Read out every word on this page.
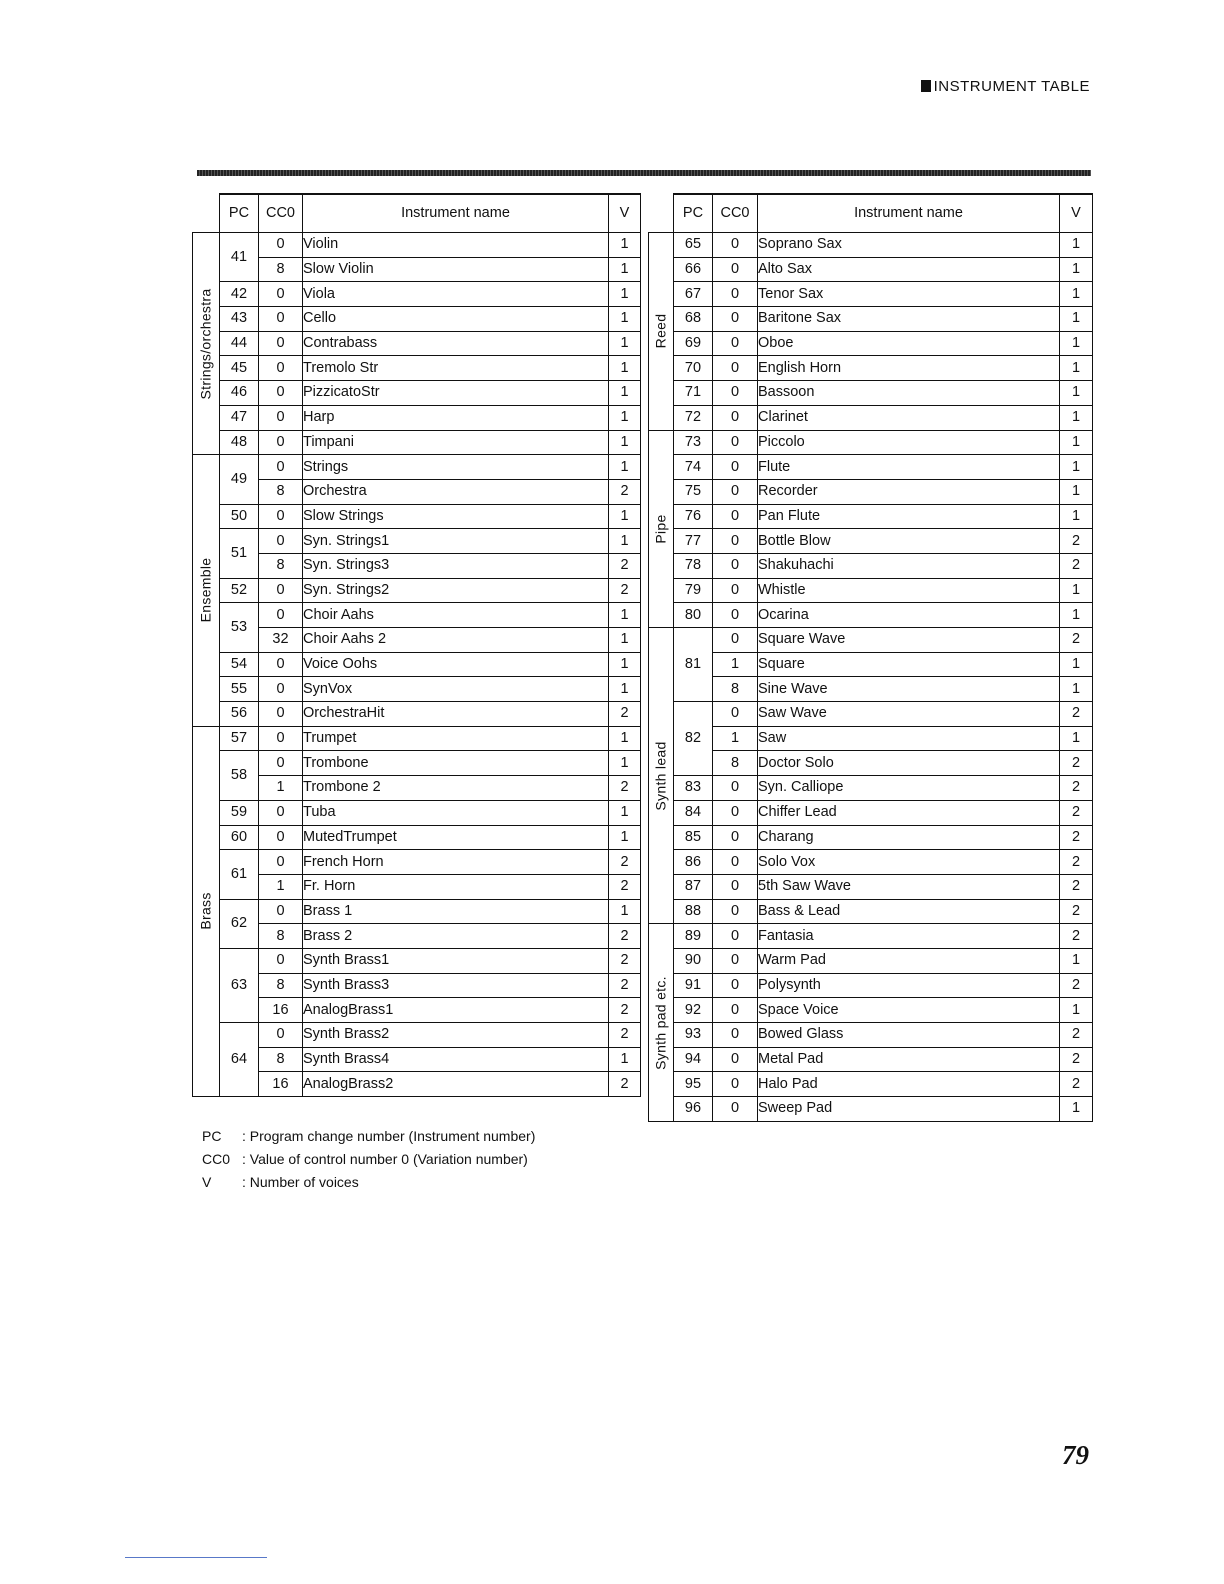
INSTRUMENT TABLE
	PC	CC0	Instrument name	V

Strings/orchestra	41	0	Violin	1
		8	Slow Violin	1
	42	0	Viola	1
	43	0	Cello	1
	44	0	Contrabass	1
	45	0	Tremolo Str	1
	46	0	PizzicatoStr	1
	47	0	Harp	1
	48	0	Timpani	1

Ensemble	49	0	Strings	1
		8	Orchestra	2
	50	0	Slow Strings	1
	51	0	Syn. Strings1	1
		8	Syn. Strings3	2
	52	0	Syn. Strings2	2
	53	0	Choir Aahs	1
		32	Choir Aahs 2	1
	54	0	Voice Oohs	1
	55	0	SynVox	1
	56	0	OrchestraHit	2

Brass	57	0	Trumpet	1
	58	0	Trombone	1
		1	Trombone 2	2
	59	0	Tuba	1
	60	0	MutedTrumpet	1
	61	0	French Horn	2
		1	Fr. Horn	2
	62	0	Brass 1	1
		8	Brass 2	2
	63	0	Synth Brass1	2
		8	Synth Brass3	2
		16	AnalogBrass1	2
	64	0	Synth Brass2	2
		8	Synth Brass4	1
		16	AnalogBrass2	2
	PC	CC0	Instrument name	V

Reed	65	0	Soprano Sax	1
	66	0	Alto Sax	1
	67	0	Tenor Sax	1
	68	0	Baritone Sax	1
	69	0	Oboe	1
	70	0	English Horn	1
	71	0	Bassoon	1
	72	0	Clarinet	1

Pipe	73	0	Piccolo	1
	74	0	Flute	1
	75	0	Recorder	1
	76	0	Pan Flute	1
	77	0	Bottle Blow	2
	78	0	Shakuhachi	2
	79	0	Whistle	1
	80	0	Ocarina	1

Synth lead	81	0	Square Wave	2
		1	Square	1
		8	Sine Wave	1
	82	0	Saw Wave	2
		1	Saw	1
		8	Doctor Solo	2
	83	0	Syn. Calliope	2
	84	0	Chiffer Lead	2
	85	0	Charang	2
	86	0	Solo Vox	2
	87	0	5th Saw Wave	2
	88	0	Bass & Lead	2

Synth pad etc.	89	0	Fantasia	2
	90	0	Warm Pad	1
	91	0	Polysynth	2
	92	0	Space Voice	1
	93	0	Bowed Glass	2
	94	0	Metal Pad	2
	95	0	Halo Pad	2
	96	0	Sweep Pad	1
PC : Program change number (Instrument number)
CC0 : Value of control number 0 (Variation number)
V : Number of voices
79
